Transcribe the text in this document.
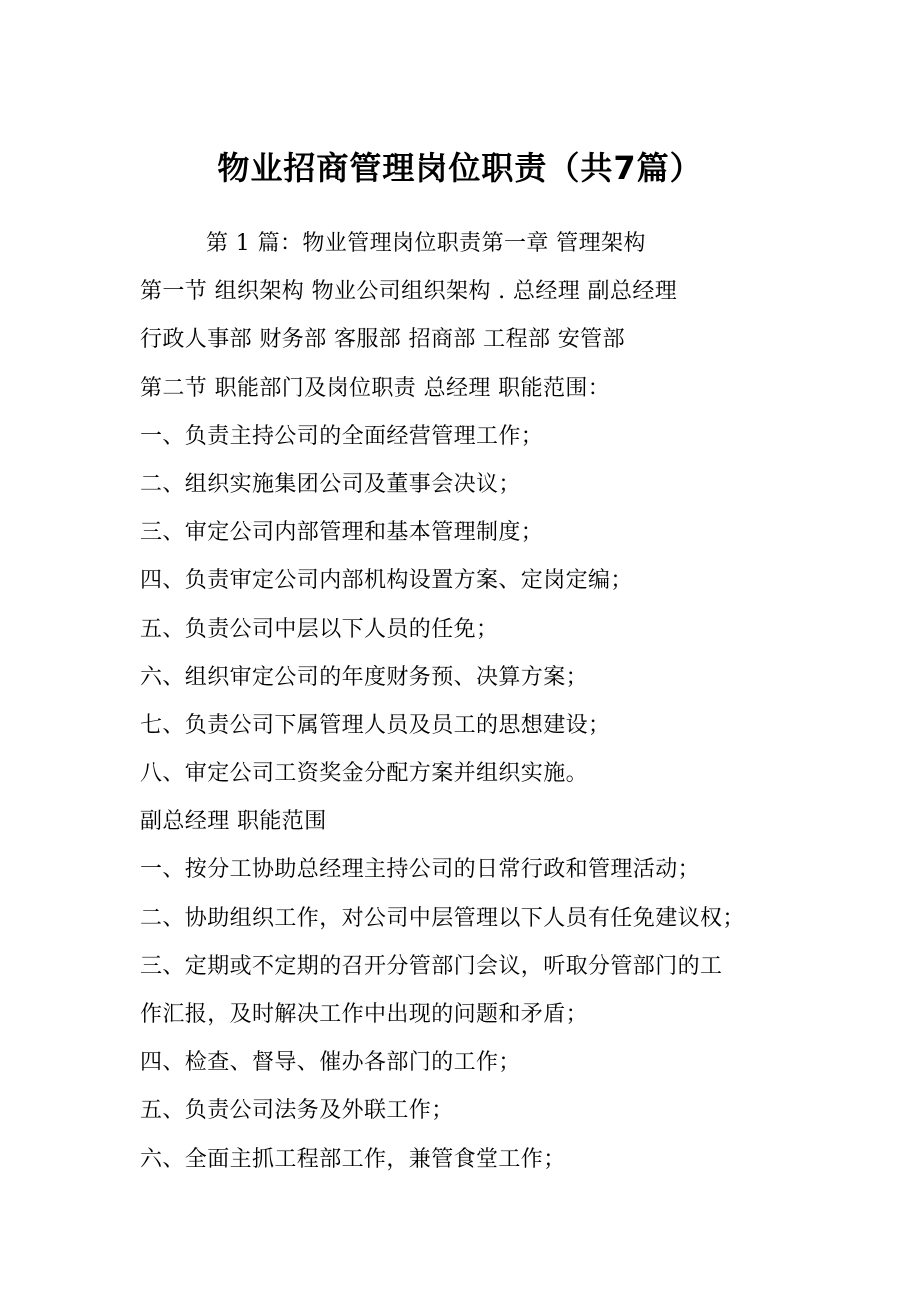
物业招商管理岗位职责（共7篇）

第 1 篇：物业管理岗位职责第一章 管理架构

第一节 组织架构 物业公司组织架构 . 总经理 副总经理

行政人事部 财务部 客服部 招商部 工程部 安管部

第二节 职能部门及岗位职责 总经理 职能范围：

一、负责主持公司的全面经营管理工作；

二、组织实施集团公司及董事会决议；

三、审定公司内部管理和基本管理制度；

四、负责审定公司内部机构设置方案、定岗定编；

五、负责公司中层以下人员的任免；

六、组织审定公司的年度财务预、决算方案；

七、负责公司下属管理人员及员工的思想建设；

八、审定公司工资奖金分配方案并组织实施。

副总经理 职能范围

一、按分工协助总经理主持公司的日常行政和管理活动；

二、协助组织工作，对公司中层管理以下人员有任免建议权；

三、定期或不定期的召开分管部门会议，听取分管部门的工

作汇报，及时解决工作中出现的问题和矛盾；

四、检查、督导、催办各部门的工作；

五、负责公司法务及外联工作；

六、全面主抓工程部工作，兼管食堂工作；
